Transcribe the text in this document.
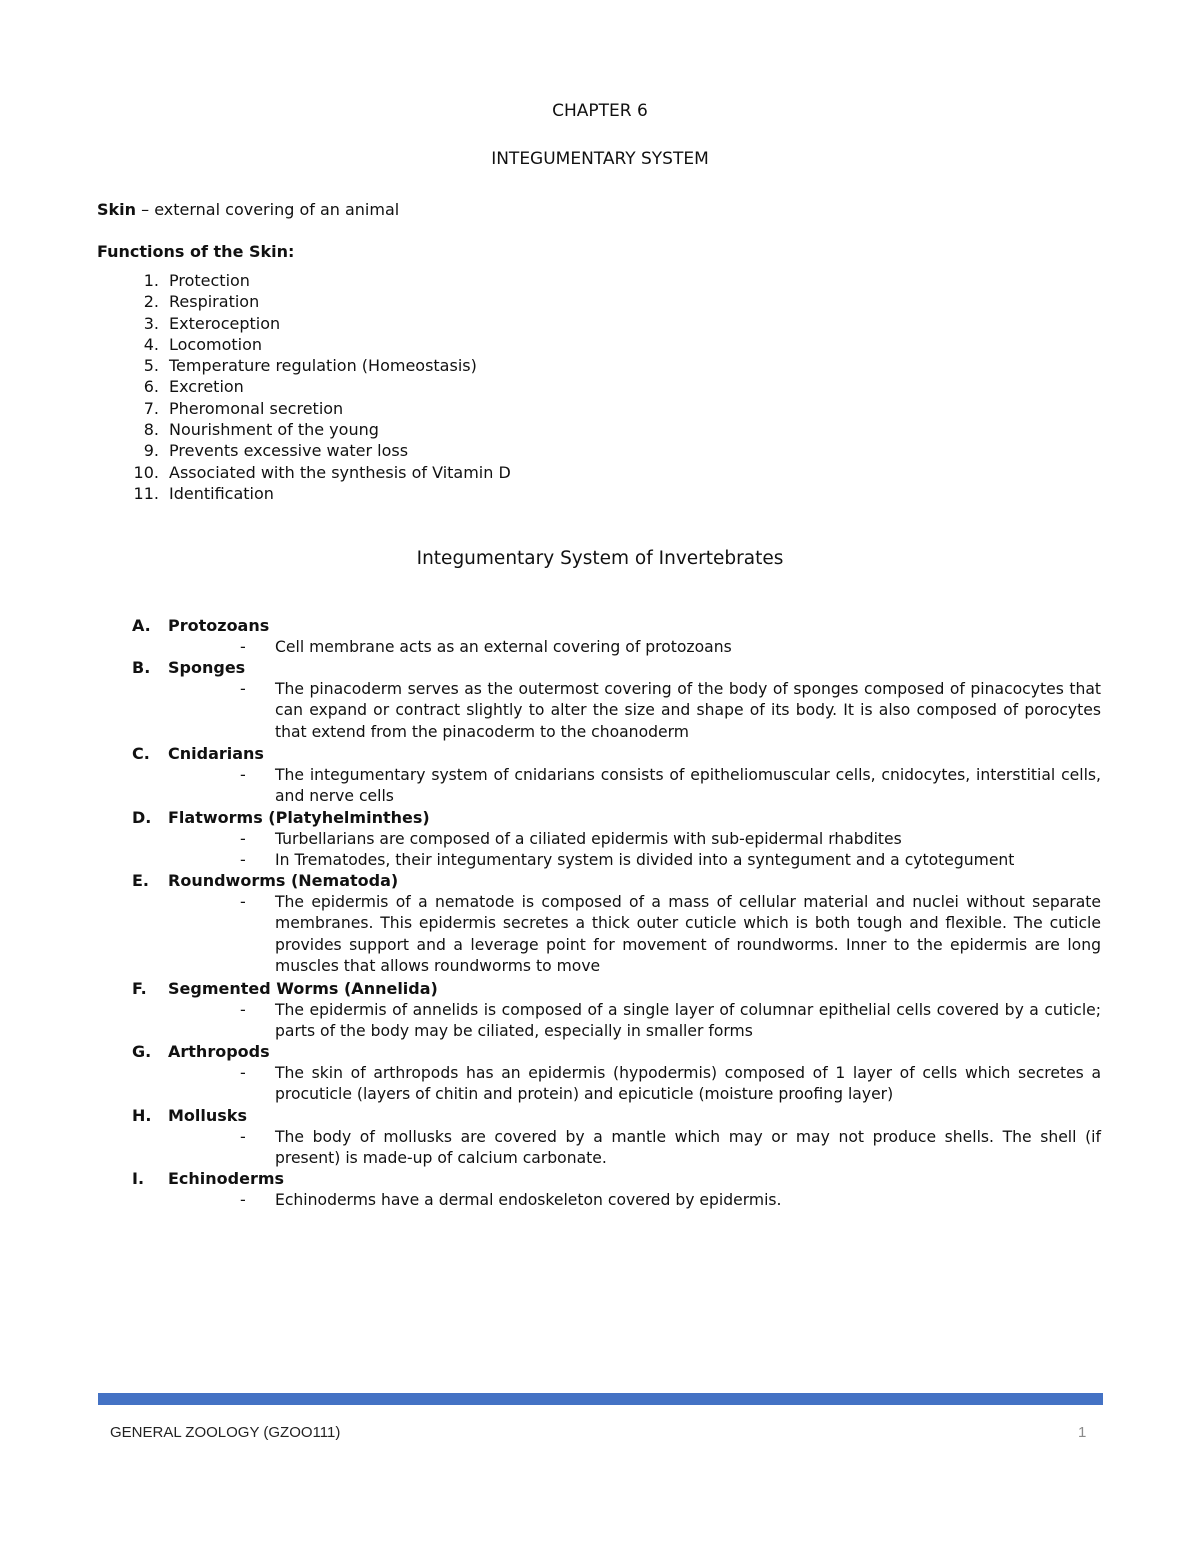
CHAPTER 6
INTEGUMENTARY SYSTEM
Skin – external covering of an animal
Functions of the Skin:
1. Protection
2. Respiration
3. Exteroception
4. Locomotion
5. Temperature regulation (Homeostasis)
6. Excretion
7. Pheromonal secretion
8. Nourishment of the young
9. Prevents excessive water loss
10. Associated with the synthesis of Vitamin D
11. Identification
Integumentary System of Invertebrates
A. Protozoans
- Cell membrane acts as an external covering of protozoans
B. Sponges
- The pinacoderm serves as the outermost covering of the body of sponges composed of pinacocytes that can expand or contract slightly to alter the size and shape of its body. It is also composed of porocytes that extend from the pinacoderm to the choanoderm
C. Cnidarians
- The integumentary system of cnidarians consists of epitheliomuscular cells, cnidocytes, interstitial cells, and nerve cells
D. Flatworms (Platyhelminthes)
- Turbellarians are composed of a ciliated epidermis with sub-epidermal rhabdites
- In Trematodes, their integumentary system is divided into a syntegument and a cytotegument
E. Roundworms (Nematoda)
- The epidermis of a nematode is composed of a mass of cellular material and nuclei without separate membranes. This epidermis secretes a thick outer cuticle which is both tough and flexible. The cuticle provides support and a leverage point for movement of roundworms. Inner to the epidermis are long muscles that allows roundworms to move
F. Segmented Worms (Annelida)
- The epidermis of annelids is composed of a single layer of columnar epithelial cells covered by a cuticle; parts of the body may be ciliated, especially in smaller forms
G. Arthropods
- The skin of arthropods has an epidermis (hypodermis) composed of 1 layer of cells which secretes a procuticle (layers of chitin and protein) and epicuticle (moisture proofing layer)
H. Mollusks
- The body of mollusks are covered by a mantle which may or may not produce shells. The shell (if present) is made-up of calcium carbonate.
I. Echinoderms
- Echinoderms have a dermal endoskeleton covered by epidermis.
GENERAL ZOOLOGY (GZOO111)	1
